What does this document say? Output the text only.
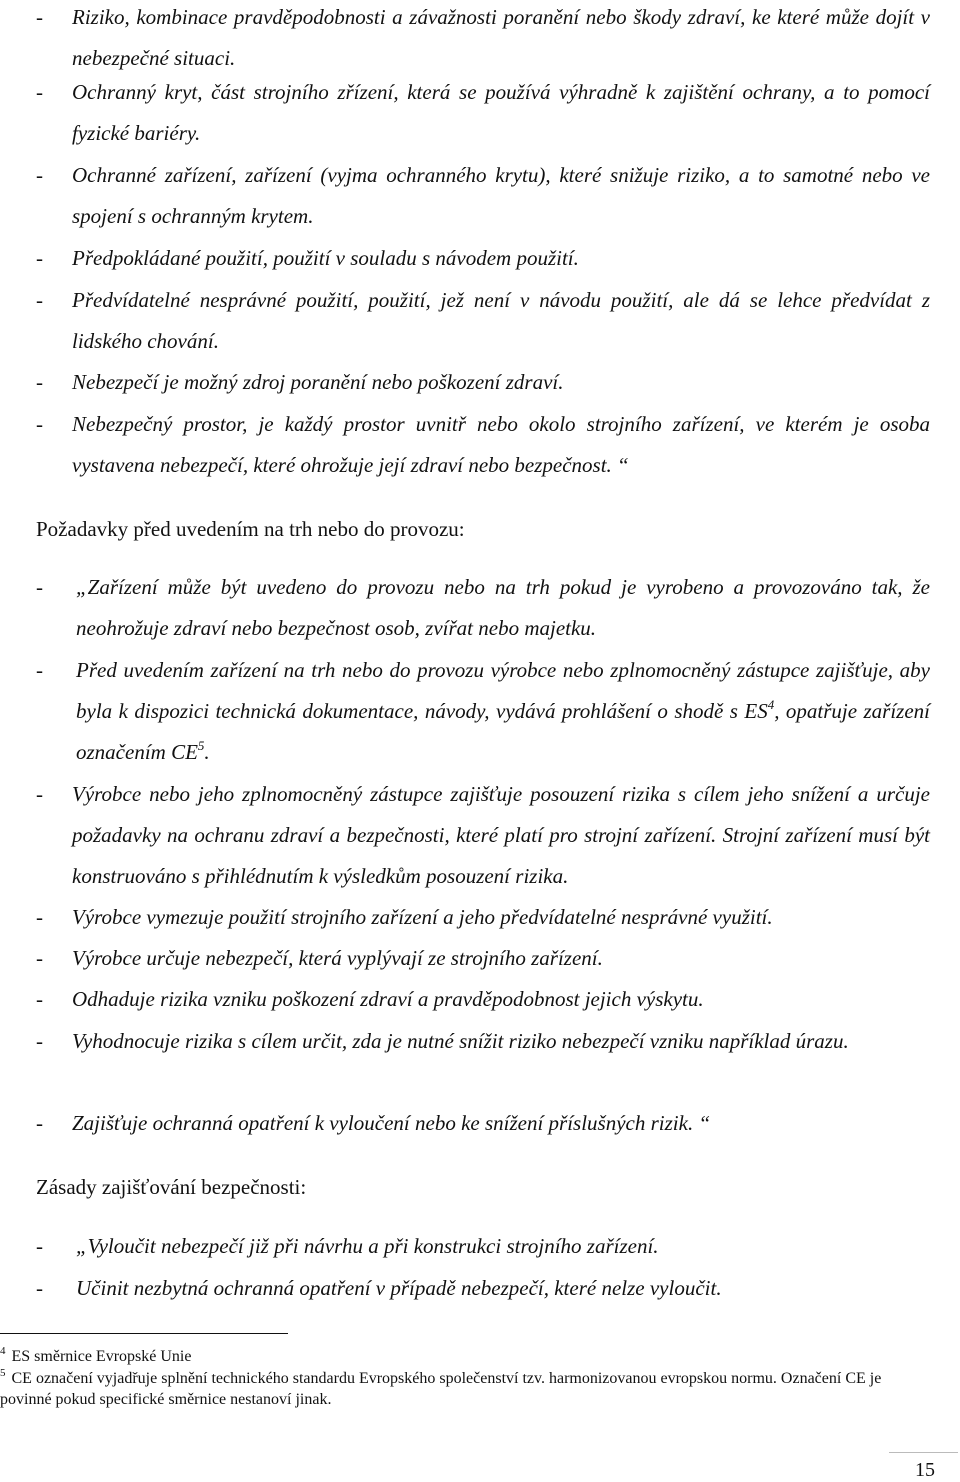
- Riziko, kombinace pravděpodobnosti a závažnosti poranění nebo škody zdraví, ke které může dojít v nebezpečné situaci.
- Ochranný kryt, část strojního zřízení, která se používá výhradně k zajištění ochrany, a to pomocí fyzické bariéry.
- Ochranné zařízení, zařízení (vyjma ochranného krytu), které snižuje riziko, a to samotné nebo ve spojení s ochranným krytem.
- Předpokládané použití, použití v souladu s návodem použití.
- Předvídatelné nesprávné použití, použití, jež není v návodu použití, ale dá se lehce předvídat z lidského chování.
- Nebezpečí je možný zdroj poranění nebo poškození zdraví.
- Nebezpečný prostor, je každý prostor uvnitř nebo okolo strojního zařízení, ve kterém je osoba vystavena nebezpečí, které ohrožuje její zdraví nebo bezpečnost. “
Požadavky před uvedením na trh nebo do provozu:
- „Zařízení může být uvedeno do provozu nebo na trh pokud je vyrobeno a provozováno tak, že neohrožuje zdraví nebo bezpečnost osob, zvířat nebo majetku.
- Před uvedením zařízení na trh nebo do provozu výrobce nebo zplnomocněný zástupce zajišťuje, aby byla k dispozici technická dokumentace, návody, vydává prohlášení o shodě s $ES^4$, opatřuje zařízení označením $CE^5$.
- Výrobce nebo jeho zplnomocněný zástupce zajišťuje posouzení rizika s cílem jeho snížení a určuje požadavky na ochranu zdraví a bezpečnosti, které platí pro strojní zařízení. Strojní zařízení musí být konstruováno s přihlédnutím k výsledkům posouzení rizika.
- Výrobce vymezuje použití strojního zařízení a jeho předvídatelné nesprávné využití.
- Výrobce určuje nebezpečí, která vyplývají ze strojního zařízení.
- Odhaduje rizika vzniku poškození zdraví a pravděpodobnost jejich výskytu.
- Vyhodnocuje rizika s cílem určit, zda je nutné snížit riziko nebezpečí vzniku například úrazu.
- Zajišťuje ochranná opatření k vyloučení nebo ke snížení příslušných rizik. “
Zásady zajišťování bezpečnosti:
- „Vyloučit nebezpečí již při návrhu a při konstrukci strojního zařízení.
- Učinit nezbytná ochranná opatření v případě nebezpečí, které nelze vyloučit.
$^4$ ES směrnice Evropské Unie
$^5$ CE označení vyjadřuje splnění technického standardu Evropského společenství tzv. harmonizovanou evropskou normu. Označení CE je povinné pokud specifické směrnice nestanoví jinak.
15
